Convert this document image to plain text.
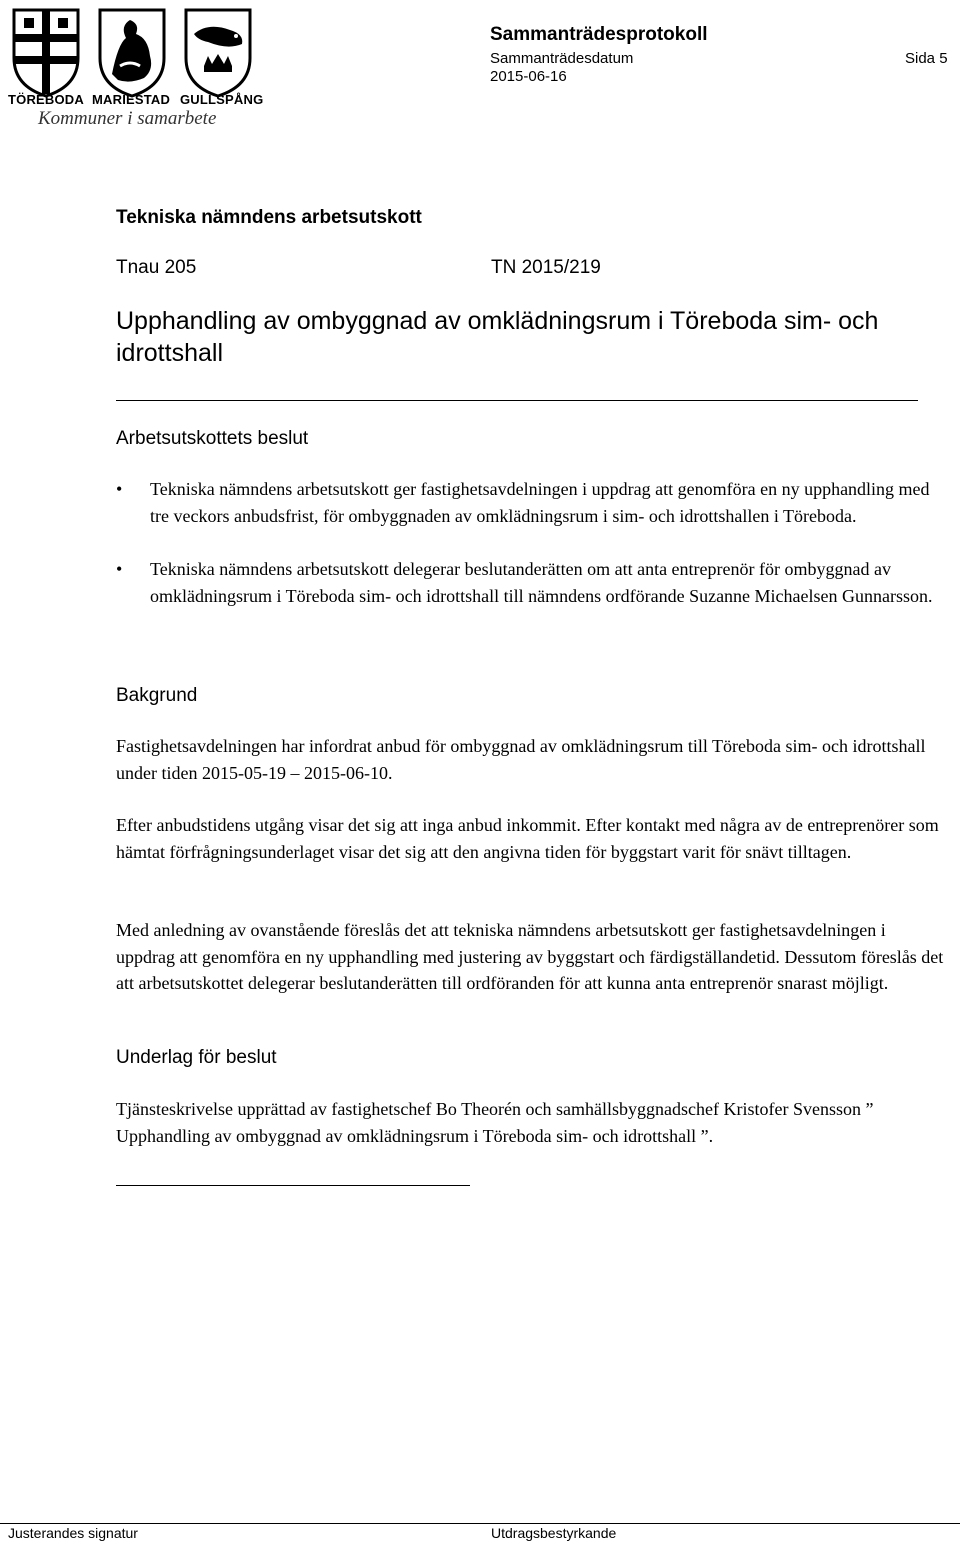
TÖREBODA MARIESTAD GULLSPÅNG
Kommuner i samarbete
Sammanträdesprotokoll
Sammanträdesdatum
2015-06-16
Sida 5
Tekniska nämndens arbetsutskott
Tnau 205	TN 2015/219
Upphandling av ombyggnad av omklädningsrum i Töreboda sim- och idrottshall
Arbetsutskottets beslut
• Tekniska nämndens arbetsutskott ger fastighetsavdelningen i uppdrag att genomföra en ny upphandling med tre veckors anbudsfrist, för ombyggnaden av omklädningsrum i sim- och idrottshallen i Töreboda.
• Tekniska nämndens arbetsutskott delegerar beslutanderätten om att anta entreprenör för ombyggnad av omklädningsrum i Töreboda sim- och idrottshall till nämndens ordförande Suzanne Michaelsen Gunnarsson.
Bakgrund

Fastighetsavdelningen har infordrat anbud för ombyggnad av omklädningsrum till Töreboda sim- och idrottshall under tiden 2015-05-19 – 2015-06-10.

Efter anbudstidens utgång visar det sig att inga anbud inkommit. Efter kontakt med några av de entreprenörer som hämtat förfrågningsunderlaget visar det sig att den angivna tiden för byggstart varit för snävt tilltagen.

Med anledning av ovanstående föreslås det att tekniska nämndens arbetsutskott ger fastighetsavdelningen i uppdrag att genomföra en ny upphandling med justering av byggstart och färdigställandetid. Dessutom föreslås det att arbetsutskottet delegerar beslutanderätten till ordföranden för att kunna anta entreprenör snarast möjligt.

Underlag för beslut

Tjänsteskrivelse upprättad av fastighetschef Bo Theorén och samhällsbyggnadschef Kristofer Svensson ” Upphandling av ombyggnad av omklädningsrum i Töreboda sim- och idrottshall ”.

Justerandes signatur	Utdragsbestyrkande
